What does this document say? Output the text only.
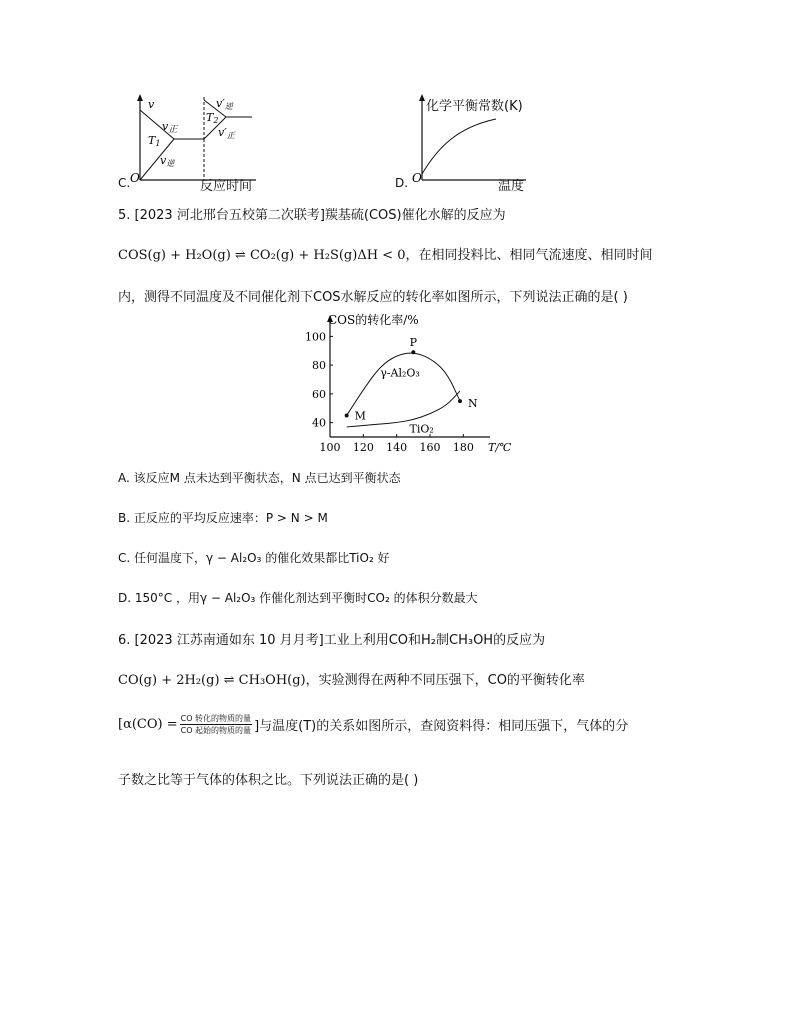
C.
v
v正
T1
v逆
T2
v′逆
v′正
O
反应时间	D. O
化学平衡常数(K)
温度
5. [2023 河北邢台五校第二次联考]羰基硫(COS)催化水解的反应为
COS(g) + H₂O(g) ⇌ CO₂(g) + H₂S(g)ΔH < 0，在相同投料比、相同气流速度、相同时间
内，测得不同温度及不同催化剂下COS水解反应的转化率如图所示，下列说法正确的是( )
COS的转化率/%
40
60
80
100
100 120 140 160 180 T/℃
γ-Al₂O₃
TiO₂
M
P
N
A. 该反应M 点未达到平衡状态，N 点已达到平衡状态
B. 正反应的平均反应速率：P > N > M
C. 任何温度下，γ − Al₂O₃ 的催化效果都比TiO₂ 好
D. 150°C ，用γ − Al₂O₃ 作催化剂达到平衡时CO₂ 的体积分数最大
6. [2023 江苏南通如东 10 月月考]工业上利用CO和H₂制CH₃OH的反应为
CO(g) + 2H₂(g) ⇌ CH₃OH(g)，实验测得在两种不同压强下，CO的平衡转化率
[α(CO) = CO 转化的物质的量
CO 起始的物质的量 ]与温度(T)的关系如图所示，查阅资料得：相同压强下，气体的分
子数之比等于气体的体积之比。下列说法正确的是( )
